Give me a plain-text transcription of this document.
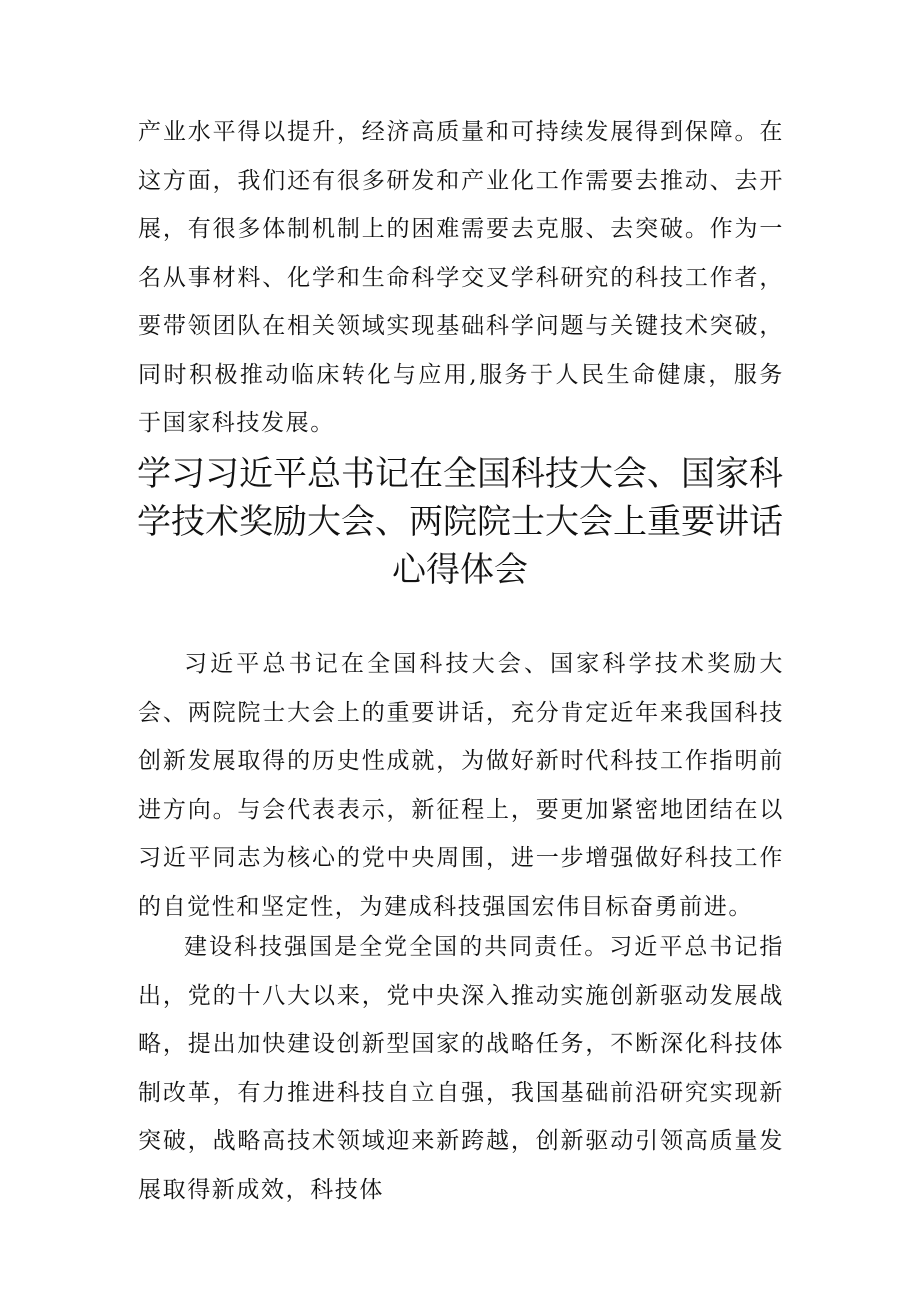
产业水平得以提升，经济高质量和可持续发展得到保障。在这方面，我们还有很多研发和产业化工作需要去推动、去开展，有很多体制机制上的困难需要去克服、去突破。作为一名从事材料、化学和生命科学交叉学科研究的科技工作者，要带领团队在相关领域实现基础科学问题与关键技术突破，同时积极推动临床转化与应用,服务于人民生命健康，服务于国家科技发展。

学习习近平总书记在全国科技大会、国家科学技术奖励大会、两院院士大会上重要讲话心得体会

习近平总书记在全国科技大会、国家科学技术奖励大会、两院院士大会上的重要讲话，充分肯定近年来我国科技创新发展取得的历史性成就，为做好新时代科技工作指明前进方向。与会代表表示，新征程上，要更加紧密地团结在以习近平同志为核心的党中央周围，进一步增强做好科技工作的自觉性和坚定性，为建成科技强国宏伟目标奋勇前进。

建设科技强国是全党全国的共同责任。习近平总书记指出，党的十八大以来，党中央深入推动实施创新驱动发展战略，提出加快建设创新型国家的战略任务，不断深化科技体制改革，有力推进科技自立自强，我国基础前沿研究实现新突破，战略高技术领域迎来新跨越，创新驱动引领高质量发展取得新成效，科技体
